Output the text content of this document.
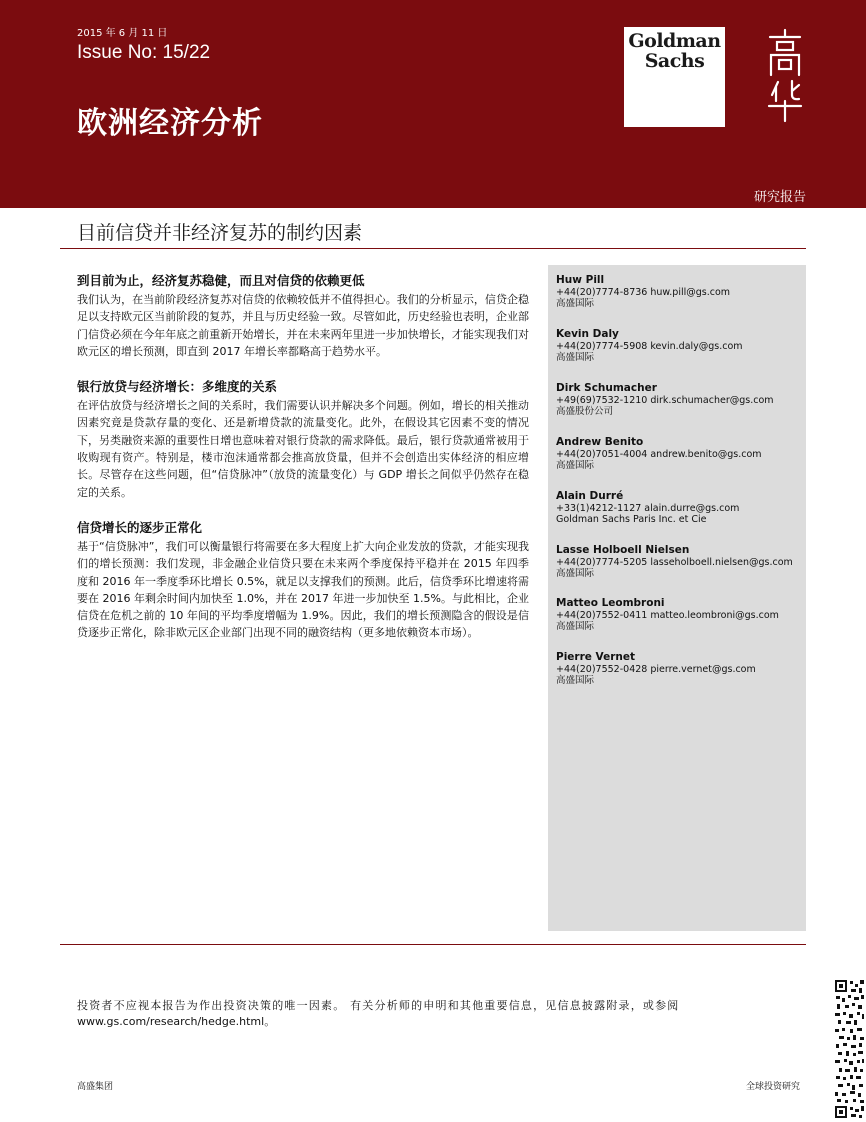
2015 年 6 月 11 日
Issue No: 15/22
欧洲经济分析
Goldman
Sachs
研究报告
目前信贷并非经济复苏的制约因素
到目前为止，经济复苏稳健，而且对信贷的依赖更低
我们认为，在当前阶段经济复苏对信贷的依赖较低并不值得担心。我们的分析显示，信贷企稳足以支持欧元区当前阶段的复苏，并且与历史经验一致。尽管如此，历史经验也表明，企业部门信贷必须在今年年底之前重新开始增长，并在未来两年里进一步加快增长，才能实现我们对欧元区的增长预测，即直到 2017 年增长率都略高于趋势水平。
银行放贷与经济增长：多维度的关系
在评估放贷与经济增长之间的关系时，我们需要认识并解决多个问题。例如，增长的相关推动因素究竟是贷款存量的变化、还是新增贷款的流量变化。此外，在假设其它因素不变的情况下，另类融资来源的重要性日增也意味着对银行贷款的需求降低。最后，银行贷款通常被用于收购现有资产。特别是，楼市泡沫通常都会推高放贷量，但并不会创造出实体经济的相应增长。尽管存在这些问题，但“信贷脉冲”（放贷的流量变化）与 GDP 增长之间似乎仍然存在稳定的关系。
信贷增长的逐步正常化
基于“信贷脉冲”，我们可以衡量银行将需要在多大程度上扩大向企业发放的贷款，才能实现我们的增长预测：我们发现，非金融企业信贷只要在未来两个季度保持平稳并在 2015 年四季度和 2016 年一季度季环比增长 0.5%，就足以支撑我们的预测。此后，信贷季环比增速将需要在 2016 年剩余时间内加快至 1.0%，并在 2017 年进一步加快至 1.5%。与此相比，企业信贷在危机之前的 10 年间的平均季度增幅为 1.9%。因此，我们的增长预测隐含的假设是信贷逐步正常化，除非欧元区企业部门出现不同的融资结构（更多地依赖资本市场）。
Huw Pill
+44(20)7774-8736 huw.pill@gs.com
高盛国际
Kevin Daly
+44(20)7774-5908 kevin.daly@gs.com
高盛国际
Dirk Schumacher
+49(69)7532-1210 dirk.schumacher@gs.com
高盛股份公司
Andrew Benito
+44(20)7051-4004 andrew.benito@gs.com
高盛国际
Alain Durré
+33(1)4212-1127 alain.durre@gs.com
Goldman Sachs Paris Inc. et Cie
Lasse Holboell Nielsen
+44(20)7774-5205 lasseholboell.nielsen@gs.com
高盛国际
Matteo Leombroni
+44(20)7552-0411 matteo.leombroni@gs.com
高盛国际
Pierre Vernet
+44(20)7552-0428 pierre.vernet@gs.com
高盛国际
投资者不应视本报告为作出投资决策的唯一因素。 有关分析师的申明和其他重要信息，见信息披露附录，或参阅
www.gs.com/research/hedge.html。
高盛集团	全球投资研究
